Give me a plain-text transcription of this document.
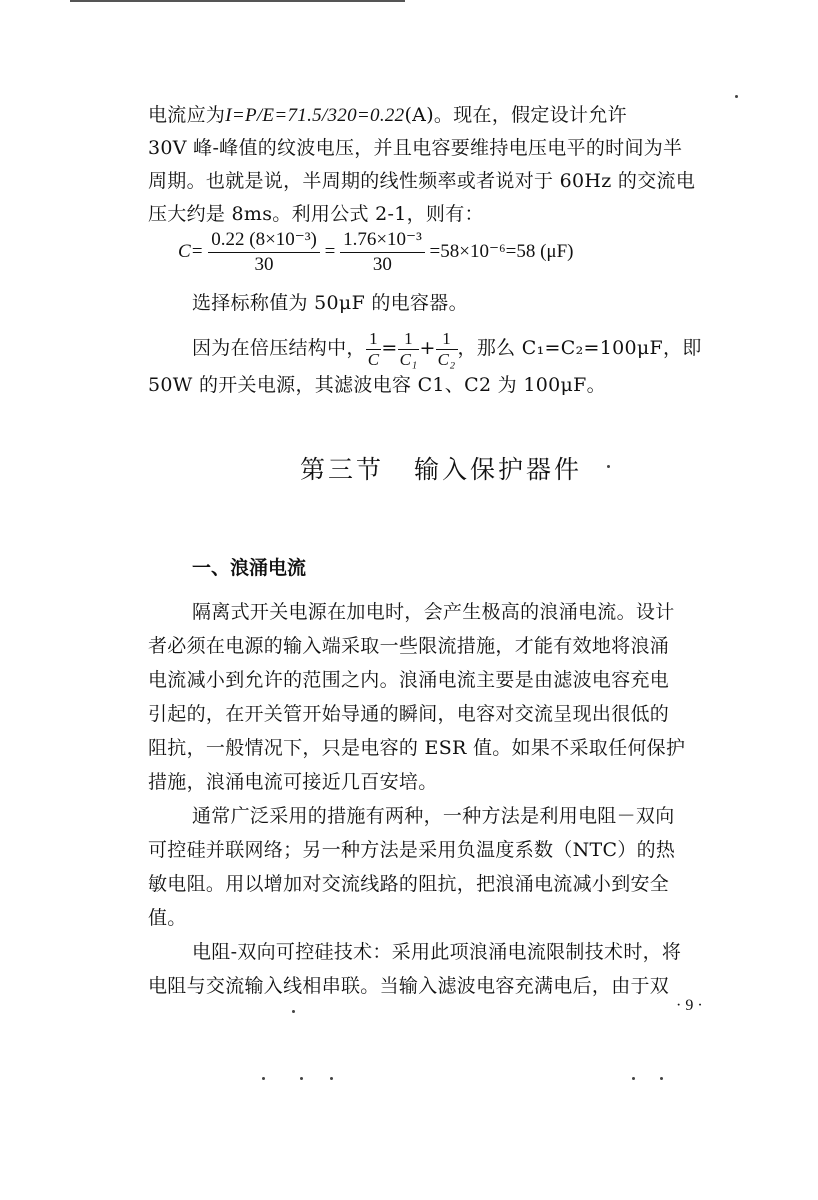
电流应为I=P/E=71.5/320=0.22(A)。现在，假定设计允许
30V 峰-峰值的纹波电压，并且电容要维持电压电平的时间为半
周期。也就是说，半周期的线性频率或者说对于 60Hz 的交流电
压大约是 8ms。利用公式 2-1，则有：
$C= \frac{\text{0.22 (8×10⁻³)}}{30} = \frac{\text{1.76×10⁻³}}{30} =58\times 10^{-6}=58$ (μF)
选择标称值为 50μF 的电容器。
因为在倍压结构中， $\frac{1}{C} = \frac{1}{\text{C₁}} + \frac{1}{\text{C₂}}$ ，那么 C₁=C₂=100μF，即
50W 的开关电源，其滤波电容 C1、C2 为 100μF。
第三节 输入保护器件
一、浪涌电流
隔离式开关电源在加电时，会产生极高的浪涌电流。设计
者必须在电源的输入端采取一些限流措施，才能有效地将浪涌
电流减小到允许的范围之内。浪涌电流主要是由滤波电容充电
引起的，在开关管开始导通的瞬间，电容对交流呈现出很低的
阻抗，一般情况下，只是电容的 ESR 值。如果不采取任何保护
措施，浪涌电流可接近几百安培。
通常广泛采用的措施有两种，一种方法是利用电阻－双向
可控硅并联网络；另一种方法是采用负温度系数（NTC）的热
敏电阻。用以增加对交流线路的阻抗，把浪涌电流减小到安全
值。
电阻-双向可控硅技术：采用此项浪涌电流限制技术时，将
电阻与交流输入线相串联。当输入滤波电容充满电后，由于双
· 9 ·
